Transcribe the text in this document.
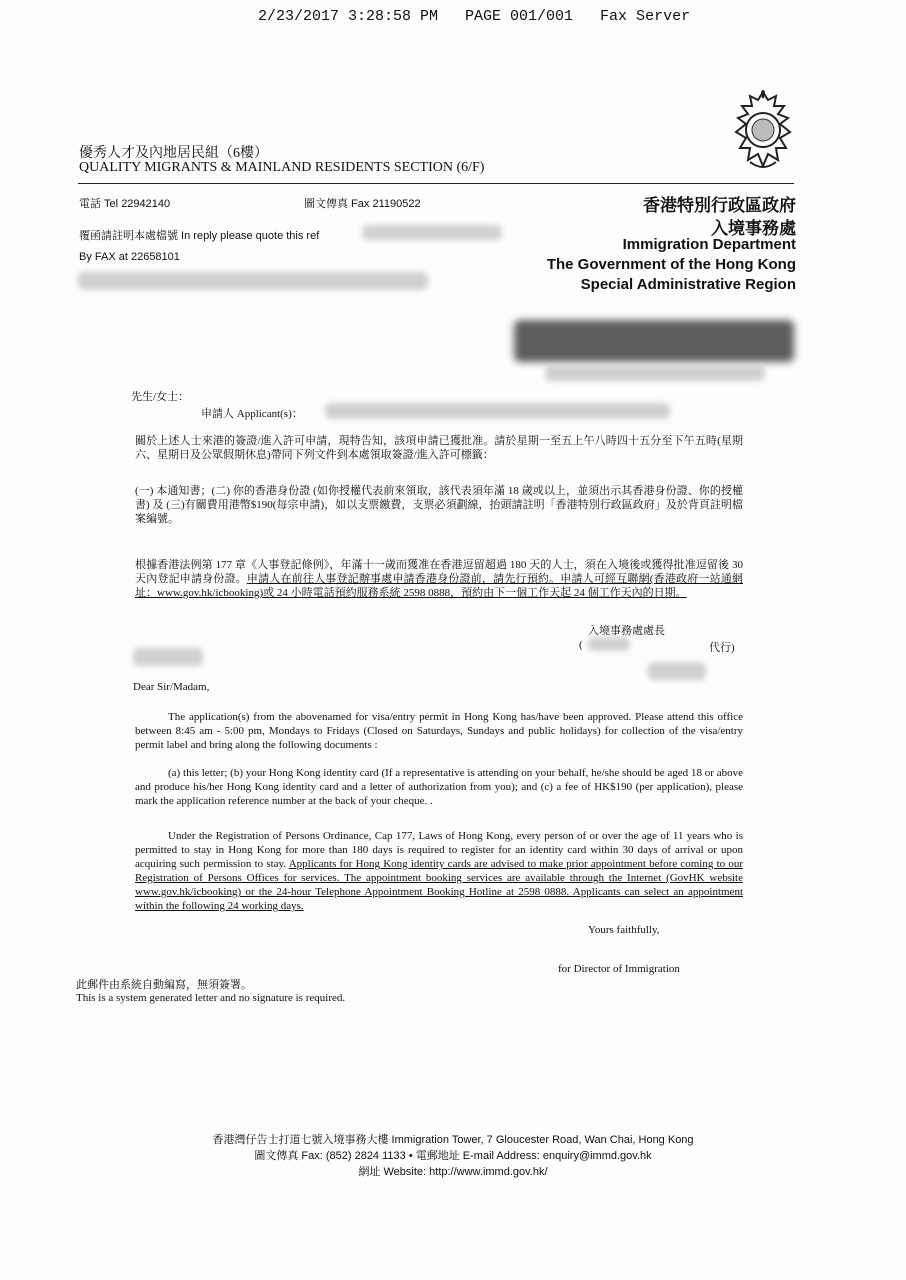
2/23/2017 3:28:58 PM   PAGE 001/001   Fax Server
優秀人才及內地居民組（6樓）
QUALITY MIGRANTS & MAINLAND RESIDENTS SECTION (6/F)
電話 Tel 22942140	圖文傳真 Fax 21190522
覆函請註明本處檔號 In reply please quote this ref
By FAX at 22658101
香港特別行政區政府
入境事務處
Immigration Department
The Government of the Hong Kong
Special Administrative Region
先生/女士：
申請人 Applicant(s)：
關於上述人士來港的簽證/進入許可申請，現特告知，該項申請已獲批准。請於星期一至五上午八時四十五分至下午五時(星期六、星期日及公眾假期休息)帶同下列文件到本處領取簽證/進入許可標籤：
(一) 本通知書；(二) 你的香港身份證 (如你授權代表前來領取，該代表須年滿 18 歲或以上，並須出示其香港身份證、你的授權書) 及 (三)有關費用港幣$190(每宗申請)，如以支票繳費，支票必須劃線，抬頭請註明「香港特別行政區政府」及於背頁註明檔案編號。
根據香港法例第 177 章《人事登記條例》，年滿十一歲而獲准在香港逗留超過 180 天的人士，須在入境後或獲得批准逗留後 30 天內登記申請身份證。申請人在前往人事登記辦事處申請香港身份證前，請先行預約。申請人可經互聯網(香港政府一站通網址：www.gov.hk/icbooking)或 24 小時電話預約服務系統 2598 0888，預約由下一個工作天起 24 個工作天內的日期。
入境事務處處長
(	代行)
Dear Sir/Madam,
The application(s) from the abovenamed for visa/entry permit in Hong Kong has/have been approved. Please attend this office between 8:45 am - 5:00 pm, Mondays to Fridays (Closed on Saturdays, Sundays and public holidays) for collection of the visa/entry permit label and bring along the following documents :
(a) this letter; (b) your Hong Kong identity card (If a representative is attending on your behalf, he/she should be aged 18 or above and produce his/her Hong Kong identity card and a letter of authorization from you); and (c) a fee of HK$190 (per application), please mark the application reference number at the back of your cheque. .
Under the Registration of Persons Ordinance, Cap 177, Laws of Hong Kong, every person of or over the age of 11 years who is permitted to stay in Hong Kong for more than 180 days is required to register for an identity card within 30 days of arrival or upon acquiring such permission to stay. Applicants for Hong Kong identity cards are advised to make prior appointment before coming to our Registration of Persons Offices for services. The appointment booking services are available through the Internet (GovHK website www.gov.hk/icbooking) or the 24-hour Telephone Appointment Booking Hotline at 2598 0888. Applicants can select an appointment within the following 24 working days.
Yours faithfully,
for Director of Immigration
此郵件由系統自動編寫，無須簽署。
This is a system generated letter and no signature is required.
香港灣仔告士打道七號入境事務大樓 Immigration Tower, 7 Gloucester Road, Wan Chai, Hong Kong
圖文傳真 Fax: (852) 2824 1133 • 電郵地址 E-mail Address: enquiry@immd.gov.hk
網址 Website: http://www.immd.gov.hk/
